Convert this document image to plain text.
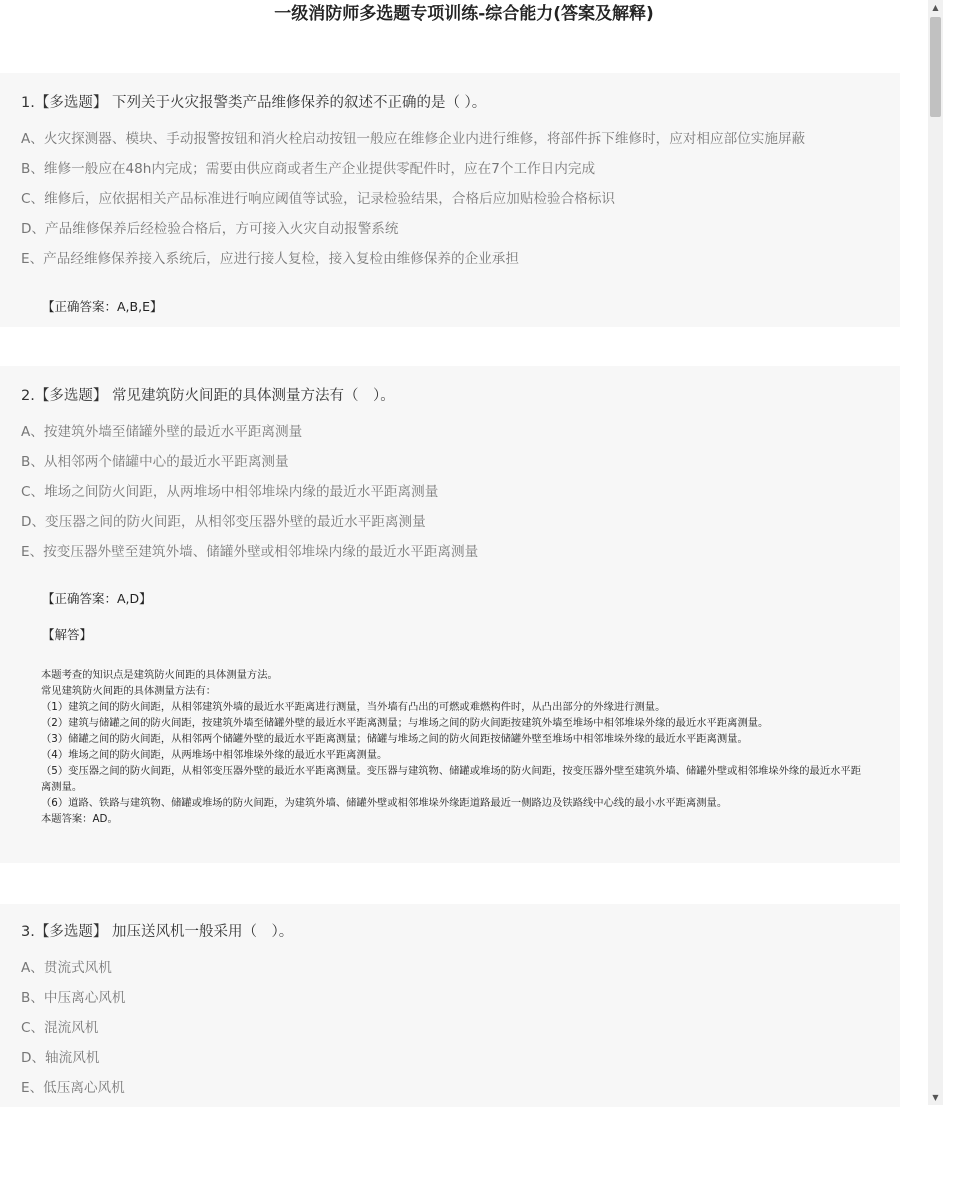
一级消防师多选题专项训练-综合能力(答案及解释)
1.【多选题】 下列关于火灾报警类产品维修保养的叙述不正确的是（ ）。
A、火灾探测器、模块、手动报警按钮和消火栓启动按钮一般应在维修企业内进行维修，将部件拆下维修时，应对相应部位实施屏蔽
B、维修一般应在48h内完成；需要由供应商或者生产企业提供零配件时，应在7个工作日内完成
C、维修后，应依据相关产品标准进行响应阈值等试验，记录检验结果，合格后应加贴检验合格标识
D、产品维修保养后经检验合格后，方可接入火灾自动报警系统
E、产品经维修保养接入系统后，应进行接人复检，接入复检由维修保养的企业承担
【正确答案：A,B,E】
2.【多选题】 常见建筑防火间距的具体测量方法有（　）。
A、按建筑外墙至储罐外壁的最近水平距离测量
B、从相邻两个储罐中心的最近水平距离测量
C、堆场之间防火间距，从两堆场中相邻堆垛内缘的最近水平距离测量
D、变压器之间的防火间距，从相邻变压器外壁的最近水平距离测量
E、按变压器外壁至建筑外墙、储罐外壁或相邻堆垛内缘的最近水平距离测量
【正确答案：A,D】
【解答】
本题考查的知识点是建筑防火间距的具体测量方法。
常见建筑防火间距的具体测量方法有：
（1）建筑之间的防火间距，从相邻建筑外墙的最近水平距离进行测量，当外墙有凸出的可燃或难燃构件时，从凸出部分的外缘进行测量。
（2）建筑与储罐之间的防火间距，按建筑外墙至储罐外壁的最近水平距离测量；与堆场之间的防火间距按建筑外墙至堆场中相邻堆垛外缘的最近水平距离测量。
（3）储罐之间的防火间距，从相邻两个储罐外壁的最近水平距离测量；储罐与堆场之间的防火间距按储罐外壁至堆场中相邻堆垛外缘的最近水平距离测量。
（4）堆场之间的防火间距，从两堆场中相邻堆垛外缘的最近水平距离测量。
（5）变压器之间的防火间距，从相邻变压器外壁的最近水平距离测量。变压器与建筑物、储罐或堆场的防火间距，按变压器外壁至建筑外墙、储罐外壁或相邻堆垛外缘的最近水平距离测量。
（6）道路、铁路与建筑物、储罐或堆场的防火间距，为建筑外墙、储罐外壁或相邻堆垛外缘距道路最近一侧路边及铁路线中心线的最小水平距离测量。
本题答案：AD。
3.【多选题】 加压送风机一般采用（　）。
A、贯流式风机
B、中压离心风机
C、混流风机
D、轴流风机
E、低压离心风机
▲
▼
